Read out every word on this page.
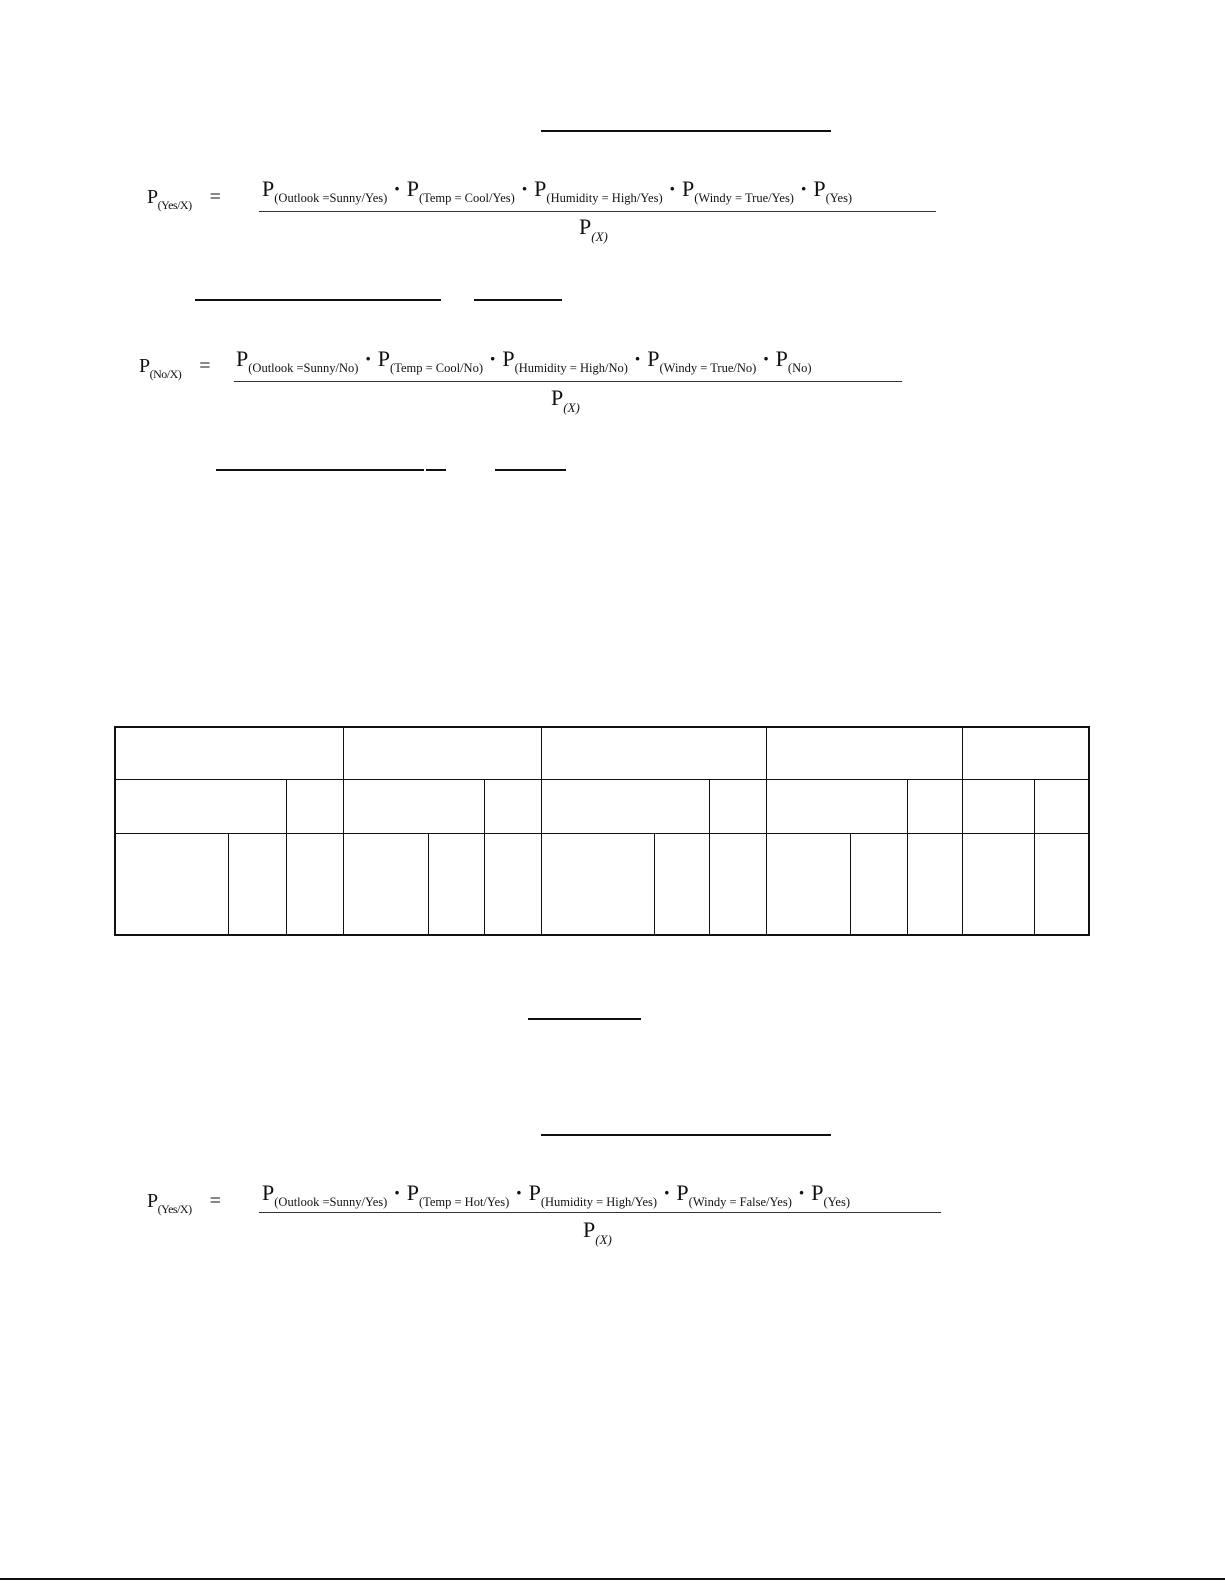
$P_{(Yes/X)} = P_{(Outlook =Sunny/Yes)} \cdot P_{(Temp = Cool/Yes)} \cdot P_{(Humidity = High/Yes)} \cdot P_{(Windy = True/Yes)} \cdot P_{(Yes)}$
$P_{(X)}$
$P_{(No/X)} = P_{(Outlook =Sunny/No)} \cdot P_{(Temp = Cool/No)} \cdot P_{(Humidity = High/No)} \cdot P_{(Windy = True/No)} \cdot P_{(No)}$
$P_{(X)}$
$P_{(Yes/X)} = P_{(Outlook =Sunny/Yes)} \cdot P_{(Temp = Hot/Yes)} \cdot P_{(Humidity = High/Yes)} \cdot P_{(Windy = False/Yes)} \cdot P_{(Yes)}$
$P_{(X)}$
